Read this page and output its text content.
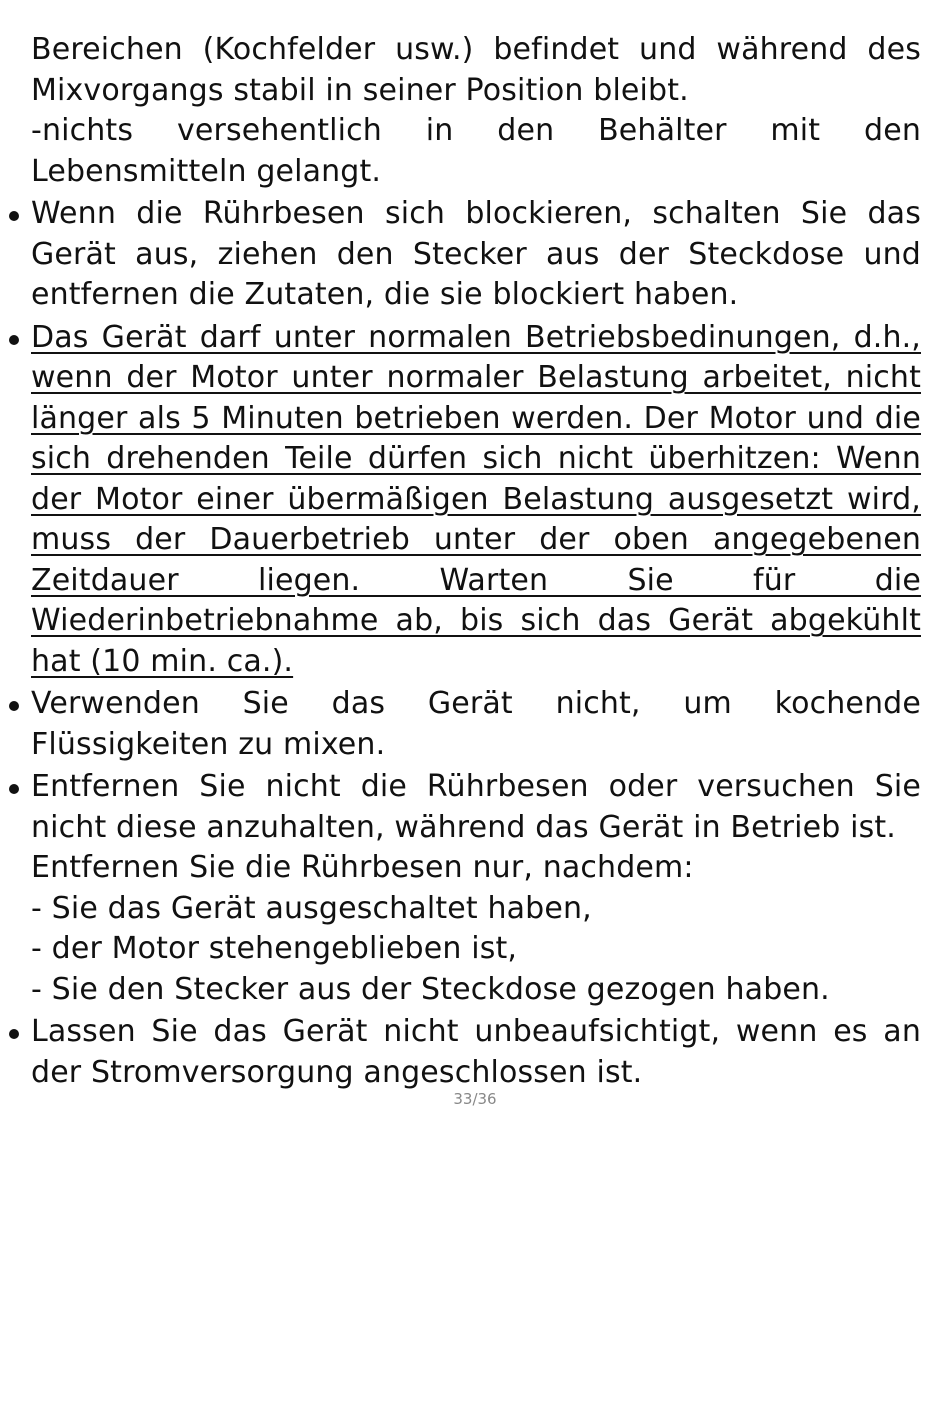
Bereichen (Kochfelder usw.) befindet und während des Mixvorgangs stabil in seiner Position bleibt.

-nichts versehentlich in den Behälter mit den Lebensmitteln gelangt.

Wenn die Rührbesen sich blockieren, schalten Sie das Gerät aus, ziehen den Stecker aus der Steckdose und entfernen die Zutaten, die sie blockiert haben.
Das Gerät darf unter normalen Betriebsbedinungen, d.h., wenn der Motor unter normaler Belastung arbeitet, nicht länger als 5 Minuten betrieben werden. Der Motor und die sich drehenden Teile dürfen sich nicht überhitzen: Wenn der Motor einer übermäßigen Belastung ausgesetzt wird, muss der Dauerbetrieb unter der oben angegebenen Zeitdauer liegen. Warten Sie für die Wiederinbetriebnahme ab, bis sich das Gerät abgekühlt hat (10 min. ca.).
Verwenden Sie das Gerät nicht, um kochende Flüssigkeiten zu mixen.
Entfernen Sie nicht die Rührbesen oder versuchen Sie nicht diese anzuhalten, während das Gerät in Betrieb ist.
Entfernen Sie die Rührbesen nur, nachdem:
- Sie das Gerät ausgeschaltet haben,
- der Motor stehengeblieben ist,
- Sie den Stecker aus der Steckdose gezogen haben.
Lassen Sie das Gerät nicht unbeaufsichtigt, wenn es an der Stromversorgung angeschlossen ist.
33/36
